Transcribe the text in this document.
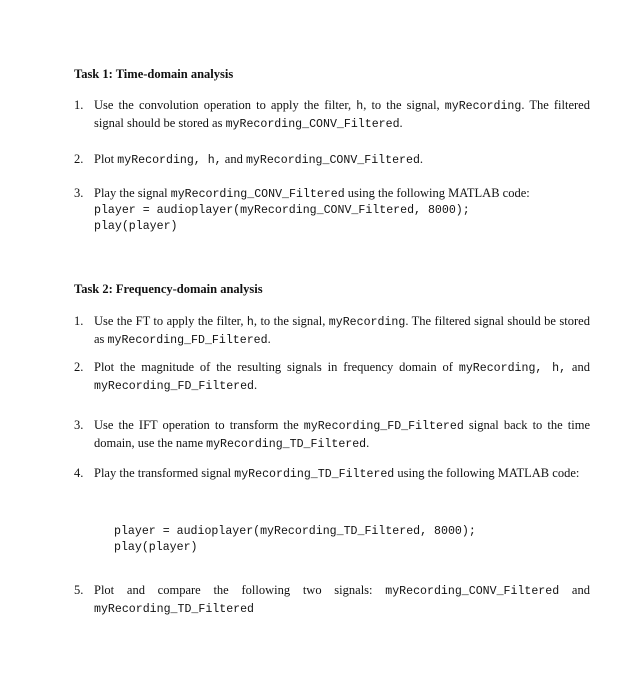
Task 1: Time-domain analysis
1. Use the convolution operation to apply the filter, h, to the signal, myRecording. The filtered signal should be stored as myRecording_CONV_Filtered.
2. Plot myRecording, h, and myRecording_CONV_Filtered.
3. Play the signal myRecording_CONV_Filtered using the following MATLAB code:
player = audioplayer(myRecording_CONV_Filtered, 8000);
play(player)
Task 2: Frequency-domain analysis
1. Use the FT to apply the filter, h, to the signal, myRecording. The filtered signal should be stored as myRecording_FD_Filtered.
2. Plot the magnitude of the resulting signals in frequency domain of myRecording, h, and myRecording_FD_Filtered.
3. Use the IFT operation to transform the myRecording_FD_Filtered signal back to the time domain, use the name myRecording_TD_Filtered.
4. Play the transformed signal myRecording_TD_Filtered using the following MATLAB code:
player = audioplayer(myRecording_TD_Filtered, 8000);
play(player)
5. Plot and compare the following two signals: myRecording_CONV_Filtered and myRecording_TD_Filtered
